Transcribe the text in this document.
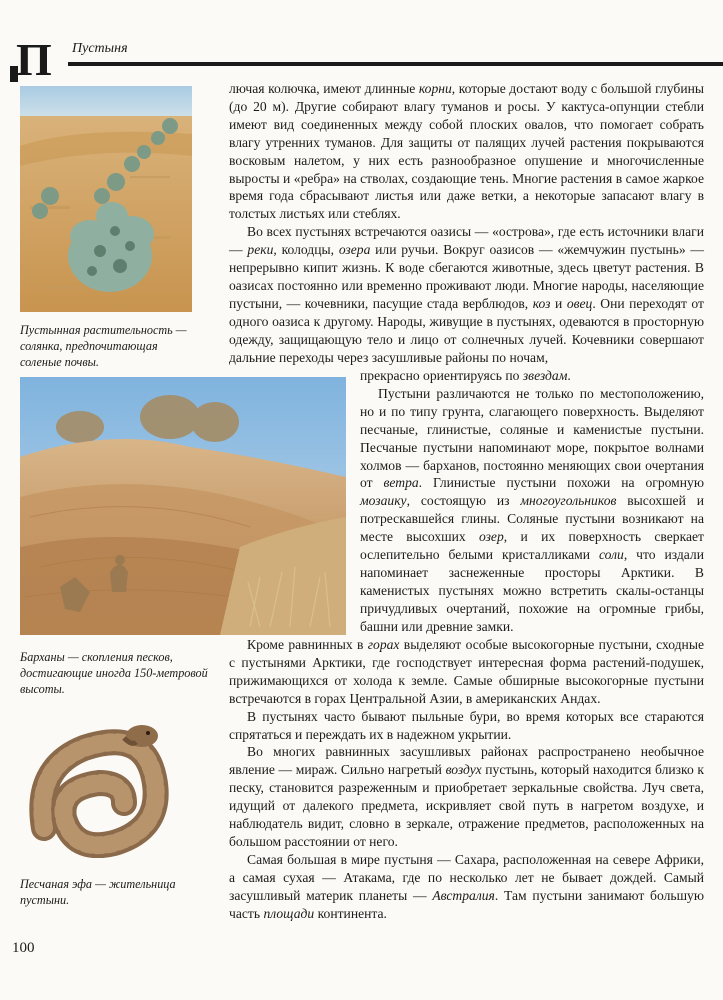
П Пустыня
Пустынная растительность — солянка, предпочитающая соленые почвы.
Барханы — скопления песков, достигающие иногда 150-метровой высоты.
Песчаная эфа — жительница пустыни.

лючая колючка, имеют длинные корни, которые достают воду с большой глубины (до 20 м). Другие собирают влагу туманов и росы. У кактуса-опунции стебли имеют вид соединенных между собой плоских овалов, что помогает собрать влагу утренних туманов. Для защиты от палящих лучей растения покрываются восковым налетом, у них есть разнообразное опушение и многочисленные выросты и «ребра» на стволах, создающие тень. Многие растения в самое жаркое время года сбрасывают листья или даже ветки, а некоторые запасают влагу в толстых листьях или стеблях.

Во всех пустынях встречаются оазисы — «острова», где есть источники влаги — реки, колодцы, озера или ручьи. Вокруг оазисов — «жемчужин пустынь» — непрерывно кипит жизнь. К воде сбегаются животные, здесь цветут растения. В оазисах постоянно или временно проживают люди. Многие народы, населяющие пустыни, — кочевники, пасущие стада верблюдов, коз и овец. Они переходят от одного оазиса к другому. Народы, живущие в пустынях, одеваются в просторную одежду, защищающую тело и лицо от солнечных лучей. Кочевники совершают дальние переходы через засушливые районы по ночам,

прекрасно ориентируясь по звездам.

Пустыни различаются не только по местоположению, но и по типу грунта, слагающего поверхность. Выделяют песчаные, глинистые, соляные и каменистые пустыни. Песчаные пустыни напоминают море, покрытое волнами холмов — барханов, постоянно меняющих свои очертания от ветра. Глинистые пустыни похожи на огромную мозаику, состоящую из многоугольников высохшей и потрескавшейся глины. Соляные пустыни возникают на месте высохших озер, и их поверхность сверкает ослепительно белыми кристалликами соли, что издали напоминает заснеженные просторы Арктики. В каменистых пустынях можно встретить скалы-останцы причудливых очертаний, похожие на огромные грибы, башни или древние замки.

Кроме равнинных в горах выделяют особые высокогорные пустыни, сходные с пустынями Арктики, где господствует интересная форма растений-подушек, прижимающихся от холода к земле. Самые обширные высокогорные пустыни встречаются в горах Центральной Азии, в американских Андах.

В пустынях часто бывают пыльные бури, во время которых все стараются спрятаться и переждать их в надежном укрытии.

Во многих равнинных засушливых районах распространено необычное явление — мираж. Сильно нагретый воздух пустынь, который находится близко к песку, становится разреженным и приобретает зеркальные свойства. Луч света, идущий от далекого предмета, искривляет свой путь в нагретом воздухе, и наблюдатель видит, словно в зеркале, отражение предметов, расположенных на большом расстоянии от него.

Самая большая в мире пустыня — Сахара, расположенная на севере Африки, а самая сухая — Атакама, где по несколько лет не бывает дождей. Самый засушливый материк планеты — Австралия. Там пустыни занимают большую часть площади континента.

100
